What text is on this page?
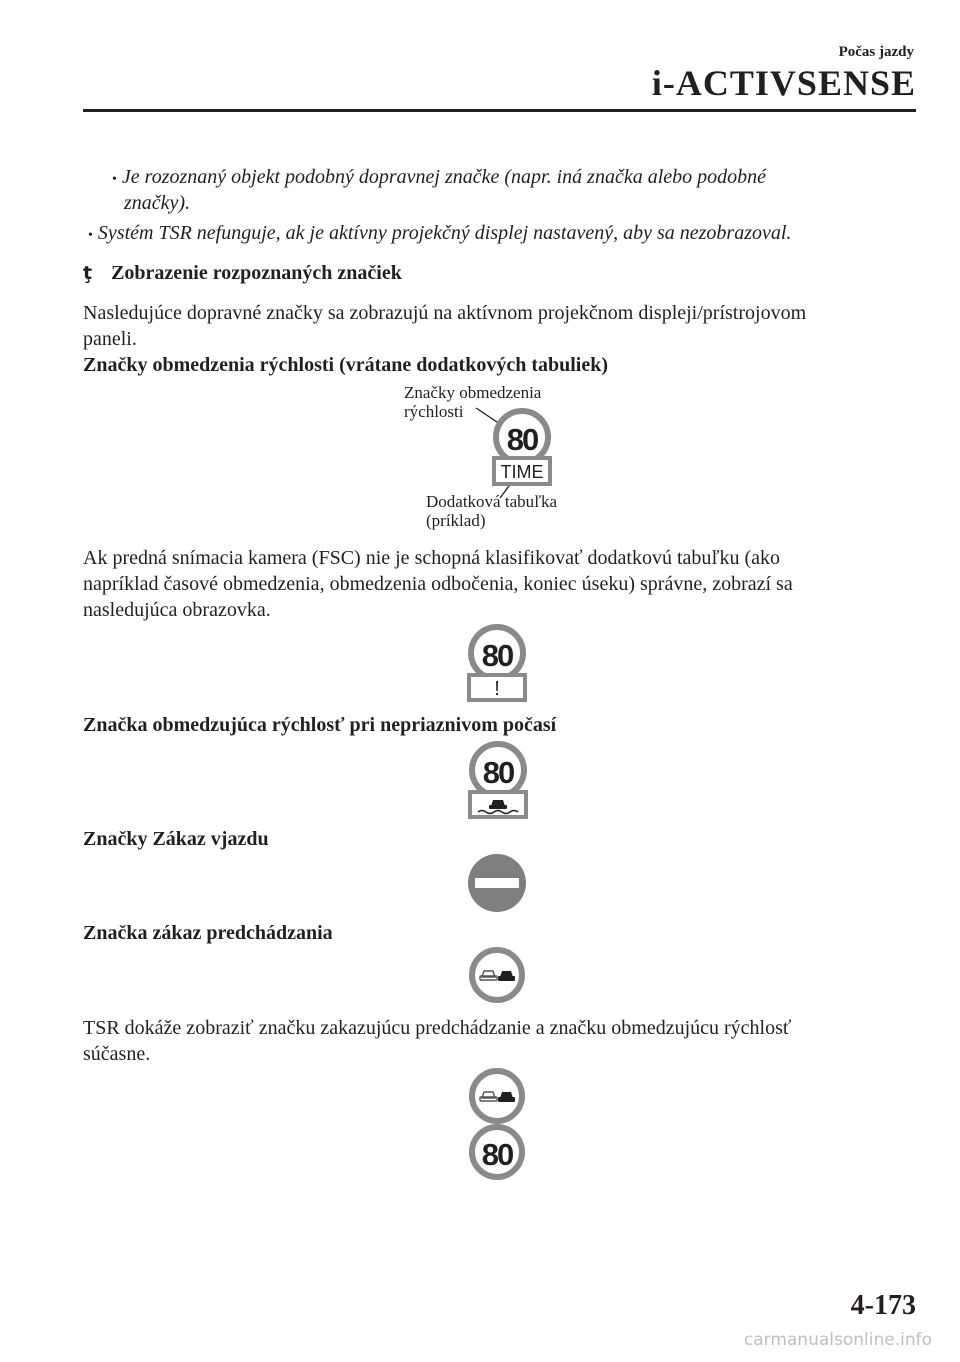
Počas jazdy
i-ACTIVSENSE
• Je rozoznaný objekt podobný dopravnej značke (napr. iná značka alebo podobné
značky).
• Systém TSR nefunguje, ak je aktívny projekčný displej nastavený, aby sa nezobrazoval.
ţ Zobrazenie rozpoznaných značiek
Nasledujúce dopravné značky sa zobrazujú na aktívnom projekčnom displeji/prístrojovom
paneli.
Značky obmedzenia rýchlosti (vrátane dodatkových tabuliek)
Značky obmedzenia
rýchlosti
Dodatková tabuľka
(príklad)
80
TIME
Ak predná snímacia kamera (FSC) nie je schopná klasifikovať dodatkovú tabuľku (ako
napríklad časové obmedzenia, obmedzenia odbočenia, koniec úseku) správne, zobrazí sa
nasledujúca obrazovka.
80
!
Značka obmedzujúca rýchlosť pri nepriaznivom počasí
80
Značky Zákaz vjazdu
Značka zákaz predchádzania
TSR dokáže zobraziť značku zakazujúcu predchádzanie a značku obmedzujúcu rýchlosť
súčasne.
80
4-173
carmanualsonline.info
